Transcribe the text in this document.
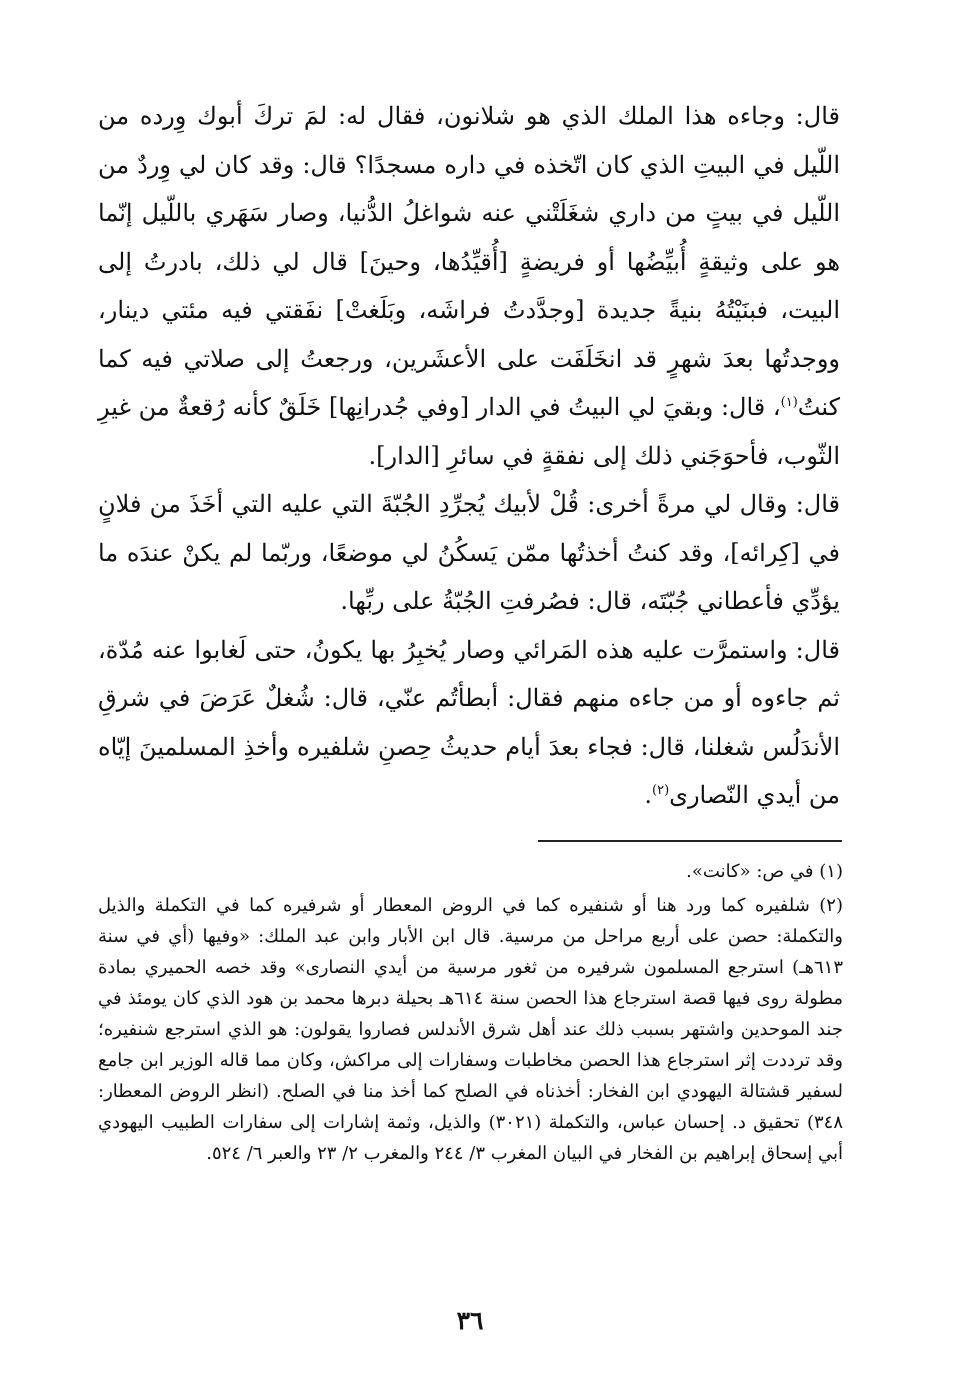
قال: وجاءه هذا الملك الذي هو شلانون، فقال له: لمَ تركَ أبوك وِرده من اللّيل في البيتِ الذي كان اتّخذه في داره مسجدًا؟ قال: وقد كان لي وِردٌ من اللّيل في بيتٍ من داري شغَلَتْني عنه شواغلُ الدُّنيا، وصار سَهَري باللّيل إنّما هو على وثيقةٍ أُبيِّضُها أو فريضةٍ [أُقيِّدُها، وحينَ] قال لي ذلك، بادرتُ إلى البيت، فبنَيْتُهُ بنيةً جديدة [وجدَّدتُ فراشَه، وبَلَغتْ] نفَقتي فيه مئتي دينار، ووجدتُها بعدَ شهرٍ قد انخَلَفَت على الأعشَرين، ورجعتُ إلى صلاتي فيه كما كنتُ$^{(١)}$، قال: وبقيَ لي البيتُ في الدار [وفي جُدرانِها] خَلَقٌ كأنه رُقعةٌ من غيرِ الثّوب، فأحوَجَني ذلك إلى نفقةٍ في سائرِ [الدار].

قال: وقال لي مرةً أخرى: قُلْ لأبيك يُجرِّدِ الجُبّةَ التي عليه التي أخَذَ من فلانٍ في [كِرائه]، وقد كنتُ أخذتُها ممّن يَسكُنُ لي موضعًا، وربّما لم يكنْ عندَه ما يؤدِّي فأعطاني جُبّتَه، قال: فصُرفتِ الجُبّةُ على ربِّها.

قال: واستمرَّت عليه هذه المَرائي وصار يُخبِرُ بها يكونُ، حتى لَغابوا عنه مُدّة، ثم جاءوه أو من جاءه منهم فقال: أبطأتُم عنّي، قال: شُغلٌ عَرَضَ في شرقِ الأندَلُس شغلنا، قال: فجاء بعدَ أيام حديثُ حِصنِ شلفيره وأخذِ المسلمينَ إيّاه من أيدي النّصارى$^{(٢)}$.

(١) في ص: «كانت».

(٢) شلفيره كما ورد هنا أو شنفيره كما في الروض المعطار أو شرفيره كما في التكملة والذيل والتكملة: حصن على أربع مراحل من مرسية. قال ابن الأبار وابن عبد الملك: «وفيها (أي في سنة ٦١٣هـ) استرجع المسلمون شرفيره من ثغور مرسية من أيدي النصارى» وقد خصه الحميري بمادة مطولة روى فيها قصة استرجاع هذا الحصن سنة ٦١٤هـ بحيلة دبرها محمد بن هود الذي كان يومئذ في جند الموحدين واشتهر بسبب ذلك عند أهل شرق الأندلس فصاروا يقولون: هو الذي استرجع شنفيره؛ وقد ترددت إثر استرجاع هذا الحصن مخاطبات وسفارات إلى مراكش، وكان مما قاله الوزير ابن جامع لسفير قشتالة اليهودي ابن الفخار: أخذناه في الصلح كما أخذ منا في الصلح. (انظر الروض المعطار: ٣٤٨) تحقيق د. إحسان عباس، والتكملة (٣٠٢١) والذيل، وثمة إشارات إلى سفارات الطبيب اليهودي أبي إسحاق إبراهيم بن الفخار في البيان المغرب ٣/ ٢٤٤ والمغرب ٢/ ٢٣ والعبر ٦/ ٥٢٤.

٣٦
